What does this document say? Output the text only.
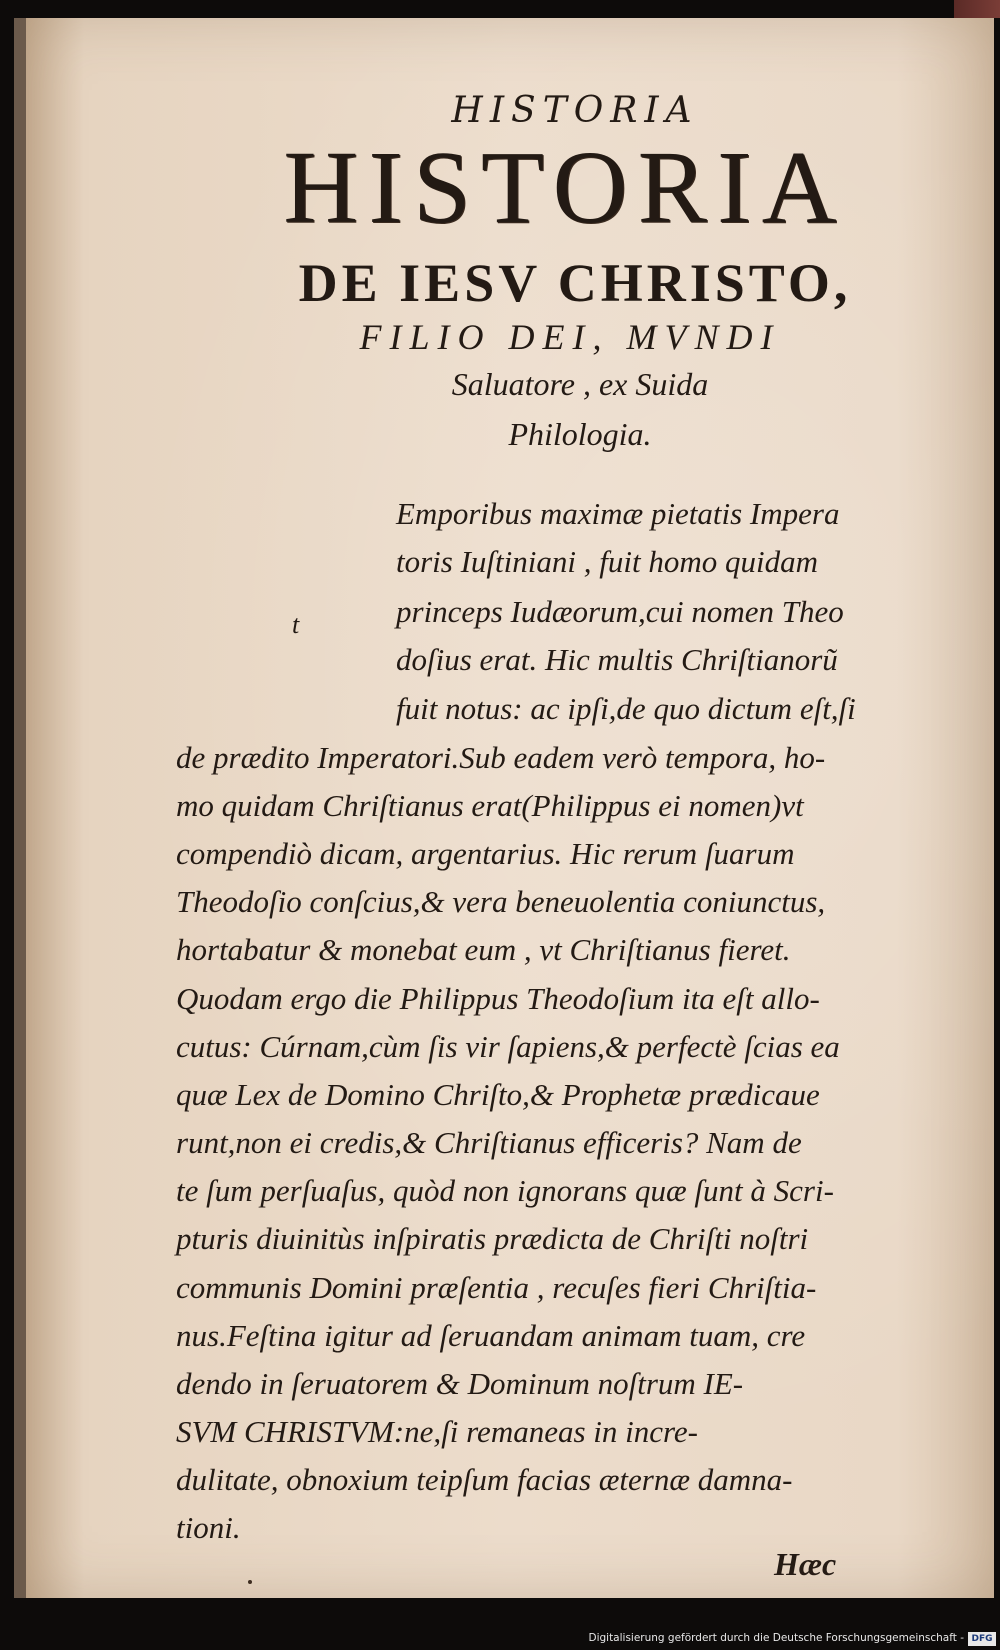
HISTORIA
HISTORIA
DE IESV CHRISTO,
FILIO DEI, MVNDI
Saluatore , ex Suida
Philologia.
t
Emporibus maximæ pietatis Impera
toris Iuſtiniani , fuit homo quidam
princeps Iudæorum,cui nomen Theo
doſius erat. Hic multis Chriſtianorũ
fuit notus: ac ipſi,de quo dictum eſt,ſi
de prædito Imperatori.Sub eadem verò tempora, ho-
mo quidam Chriſtianus erat(Philippus ei nomen)vt
compendiò dicam, argentarius. Hic rerum ſuarum
Theodoſio conſcius,& vera beneuolentia coniunctus,
hortabatur & monebat eum , vt Chriſtianus fieret.
Quodam ergo die Philippus Theodoſium ita eſt allo-
cutus: Cúrnam,cùm ſis vir ſapiens,& perfectè ſcias ea
quæ Lex de Domino Chriſto,& Prophetæ prædicaue
runt,non ei credis,& Chriſtianus efficeris? Nam de
te ſum perſuaſus, quòd non ignorans quæ ſunt à Scri-
pturis diuinitùs inſpiratis prædicta de Chriſti noſtri
communis Domini præſentia , recuſes fieri Chriſtia-
nus.Feſtina igitur ad ſeruandam animam tuam, cre
dendo in ſeruatorem & Dominum noſtrum IE-
SVM CHRISTVM:ne,ſi remaneas in incre-
dulitate, obnoxium teipſum facias æternæ damna-
tioni.
Hæc
Digitalisierung gefördert durch die Deutsche Forschungsgemeinschaft - DFG
